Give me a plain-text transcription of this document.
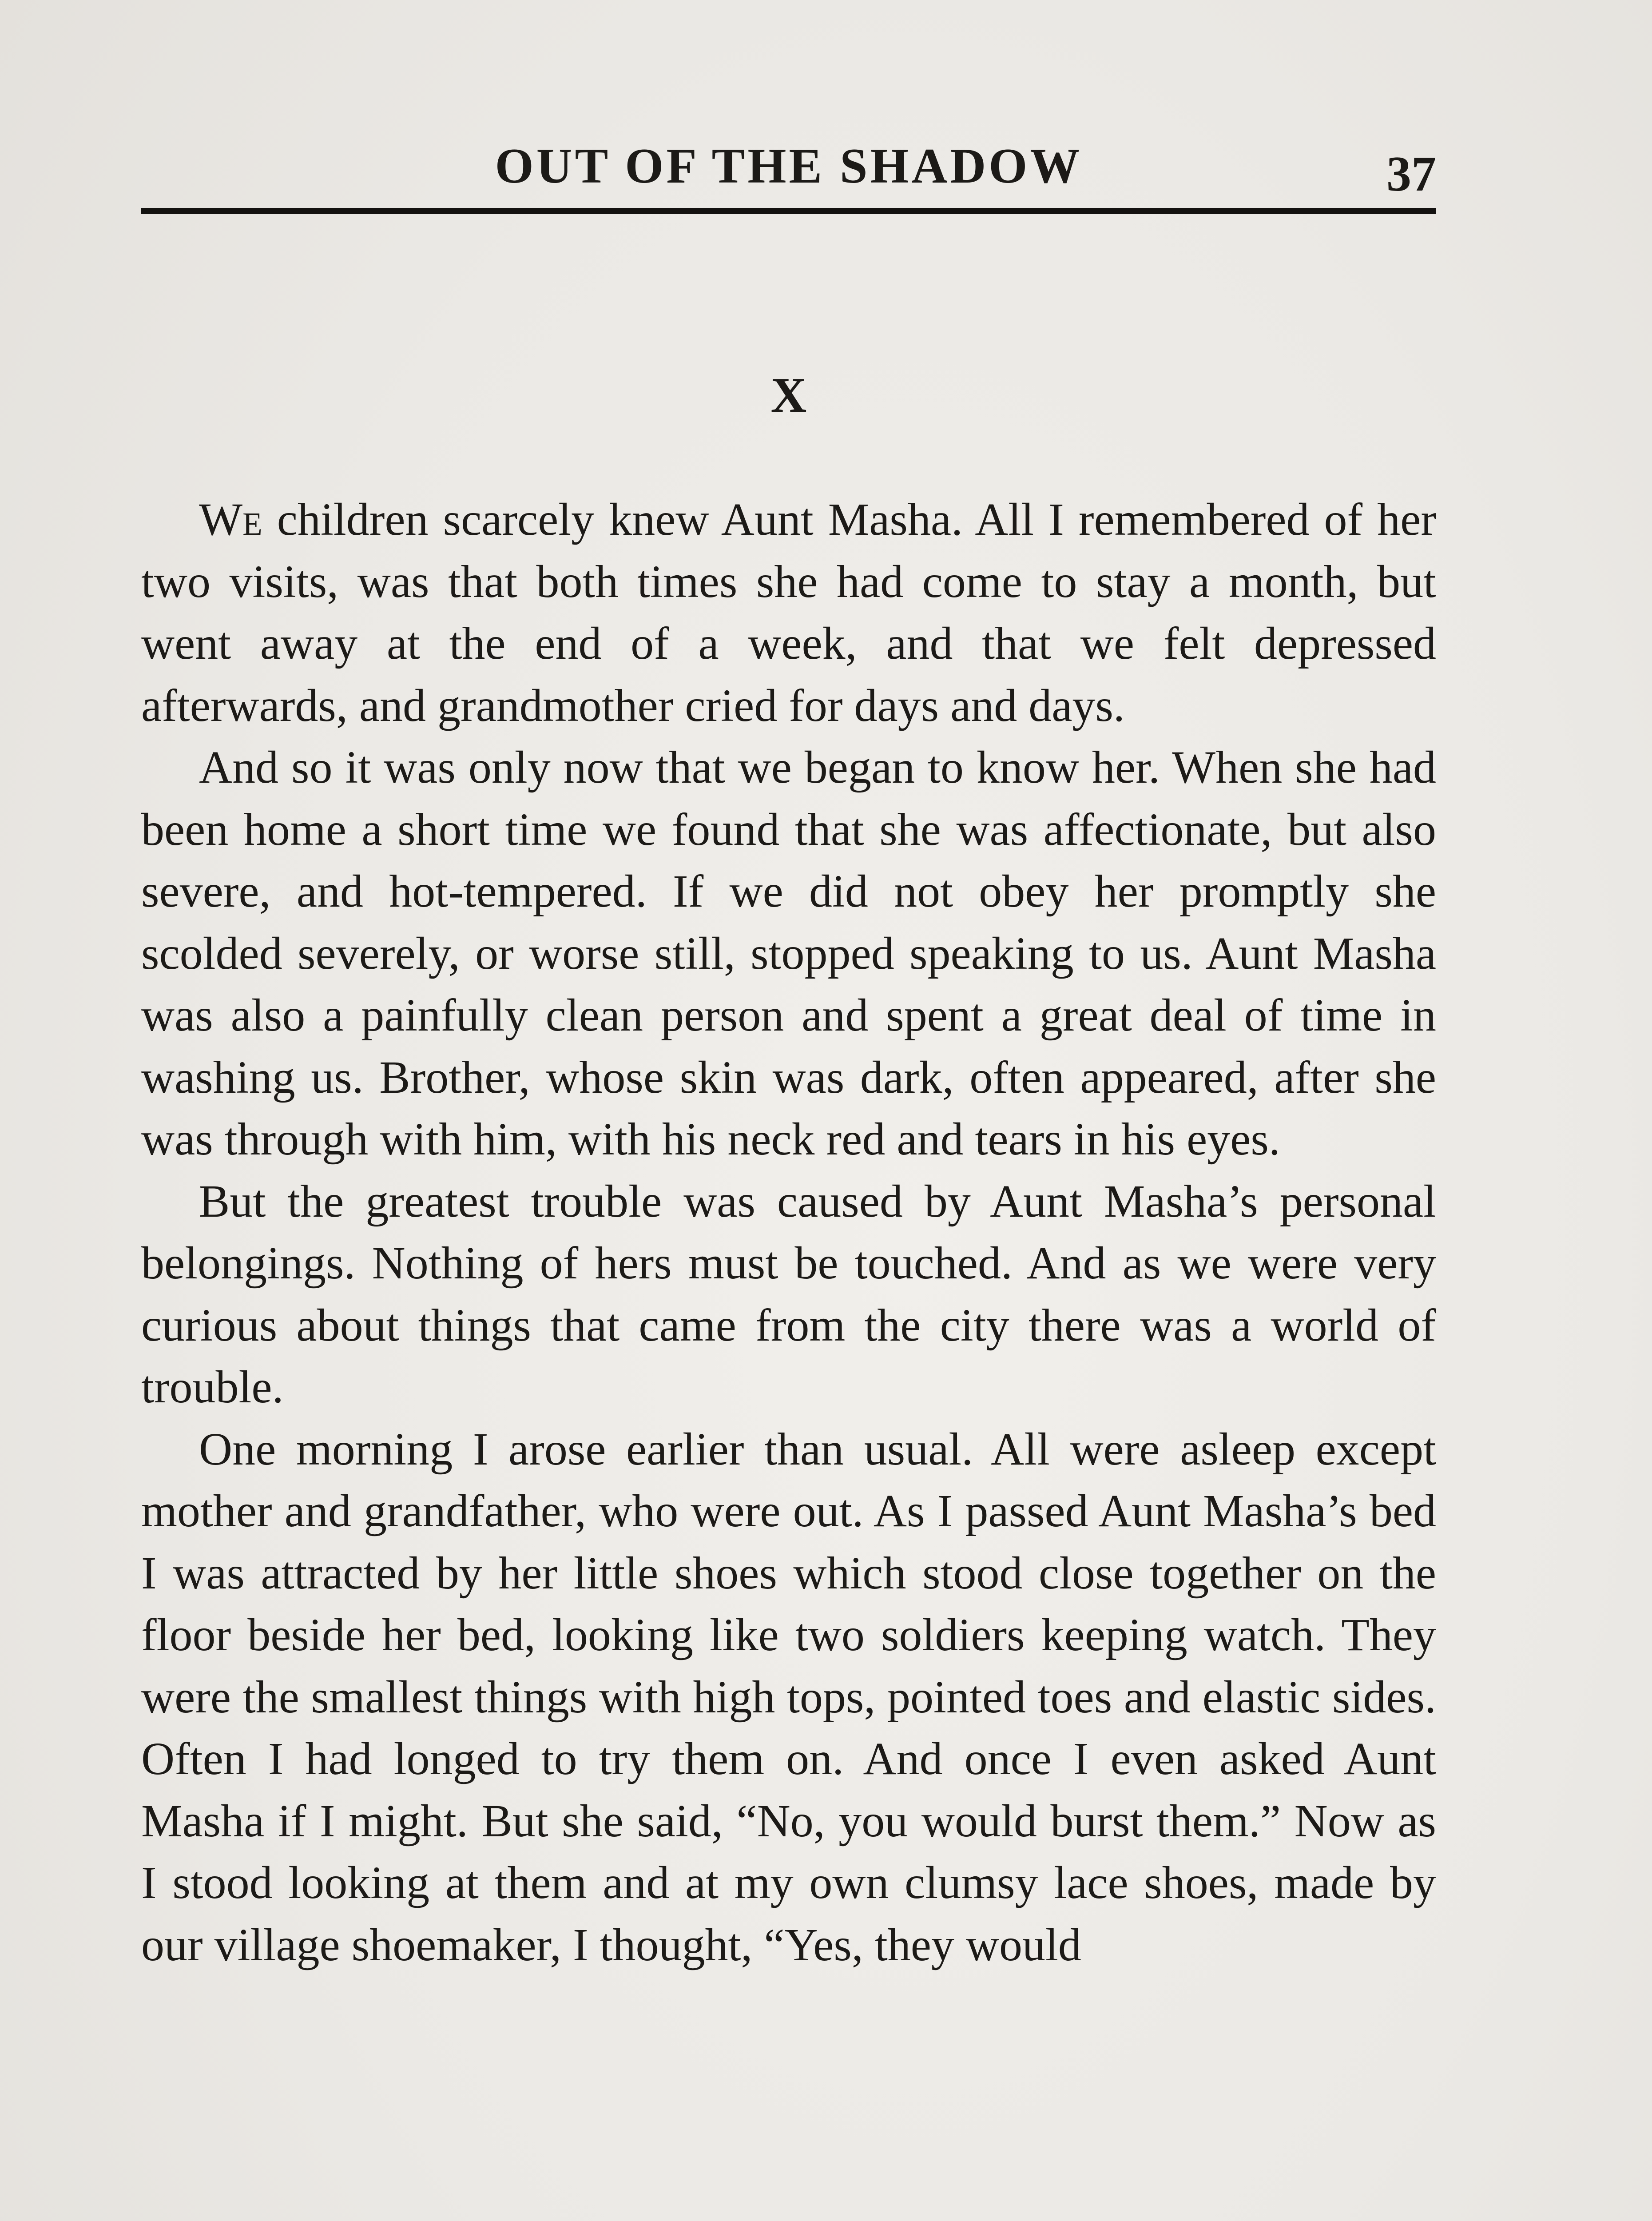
OUT OF THE SHADOW	37
X

We children scarcely knew Aunt Masha. All I remembered of her two visits, was that both times she had come to stay a month, but went away at the end of a week, and that we felt depressed afterwards, and grandmother cried for days and days.

And so it was only now that we began to know her. When she had been home a short time we found that she was affectionate, but also severe, and hot-tempered. If we did not obey her promptly she scolded severely, or worse still, stopped speaking to us. Aunt Masha was also a painfully clean person and spent a great deal of time in washing us. Brother, whose skin was dark, often appeared, after she was through with him, with his neck red and tears in his eyes.

But the greatest trouble was caused by Aunt Masha’s personal belongings. Nothing of hers must be touched. And as we were very curious about things that came from the city there was a world of trouble.

One morning I arose earlier than usual. All were asleep except mother and grandfather, who were out. As I passed Aunt Masha’s bed I was attracted by her little shoes which stood close together on the floor beside her bed, looking like two soldiers keeping watch. They were the smallest things with high tops, pointed toes and elastic sides. Often I had longed to try them on. And once I even asked Aunt Masha if I might. But she said, “No, you would burst them.” Now as I stood looking at them and at my own clumsy lace shoes, made by our village shoemaker, I thought, “Yes, they would
